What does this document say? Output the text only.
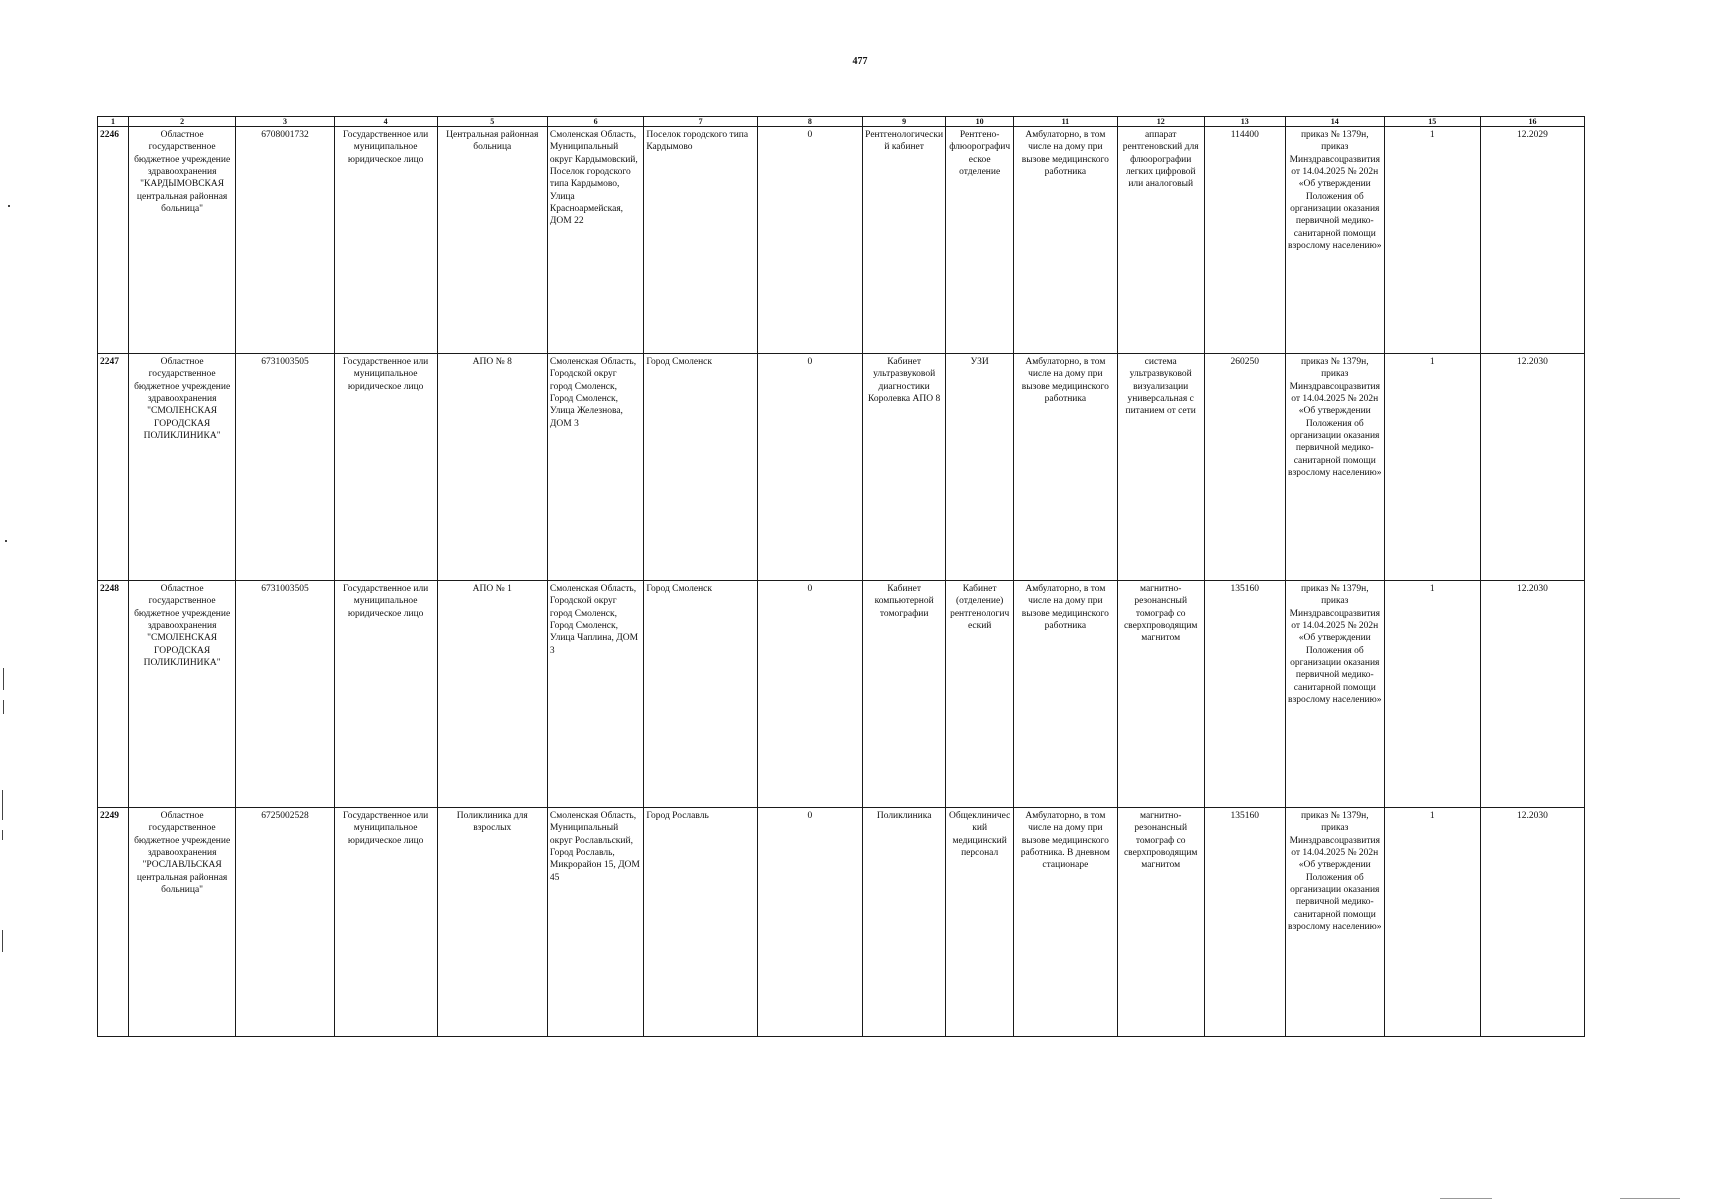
477
1	2	3	4	5	6	7	8	9	10	11	12	13	14	15	16
2246	Областное государственное бюджетное учреждение здравоохранения "КАРДЫМОВСКАЯ центральная районная больница"	6708001732	Государственное или муниципальное юридическое лицо	Центральная районная больница	Смоленская Область, Муниципальный округ Кардымовский, Поселок городского типа Кардымово, Улица Красноармейская, ДОМ 22	Поселок городского типа Кардымово	0	Рентгенологический кабинет	Рентгено-флюорографическое отделение	Амбулаторно, в том числе на дому при вызове медицинского работника	аппарат рентгеновский для флюорографии легких цифровой или аналоговый	114400	приказ № 1379н, приказ Минздравсоцразвития от 14.04.2025 № 202н «Об утверждении Положения об организации оказания первичной медико-санитарной помощи взрослому населению»	1	12.2029
2247	Областное государственное бюджетное учреждение здравоохранения "СМОЛЕНСКАЯ ГОРОДСКАЯ ПОЛИКЛИНИКА"	6731003505	Государственное или муниципальное юридическое лицо	АПО № 8	Смоленская Область, Городской округ город Смоленск, Город Смоленск, Улица Железнова, ДОМ 3	Город Смоленск	0	Кабинет ультразвуковой диагностики Королевка АПО 8	УЗИ	Амбулаторно, в том числе на дому при вызове медицинского работника	система ультразвуковой визуализации универсальная с питанием от сети	260250	приказ № 1379н, приказ Минздравсоцразвития от 14.04.2025 № 202н «Об утверждении Положения об организации оказания первичной медико-санитарной помощи взрослому населению»	1	12.2030
2248	Областное государственное бюджетное учреждение здравоохранения "СМОЛЕНСКАЯ ГОРОДСКАЯ ПОЛИКЛИНИКА"	6731003505	Государственное или муниципальное юридическое лицо	АПО № 1	Смоленская Область, Городской округ город Смоленск, Город Смоленск, Улица Чаплина, ДОМ 3	Город Смоленск	0	Кабинет компьютерной томографии	Кабинет (отделение) рентгенологический	Амбулаторно, в том числе на дому при вызове медицинского работника	магнитно-резонансный томограф со сверхпроводящим магнитом	135160	приказ № 1379н, приказ Минздравсоцразвития от 14.04.2025 № 202н «Об утверждении Положения об организации оказания первичной медико-санитарной помощи взрослому населению»	1	12.2030
2249	Областное государственное бюджетное учреждение здравоохранения "РОСЛАВЛЬСКАЯ центральная районная больница"	6725002528	Государственное или муниципальное юридическое лицо	Поликлиника для взрослых	Смоленская Область, Муниципальный округ Рославльский, Город Рославль, Микрорайон 15, ДОМ 45	Город Рославль	0	Поликлиника	Общеклинический медицинский персонал	Амбулаторно, в том числе на дому при вызове медицинского работника. В дневном стационаре	магнитно-резонансный томограф со сверхпроводящим магнитом	135160	приказ № 1379н, приказ Минздравсоцразвития от 14.04.2025 № 202н «Об утверждении Положения об организации оказания первичной медико-санитарной помощи взрослому населению»	1	12.2030
